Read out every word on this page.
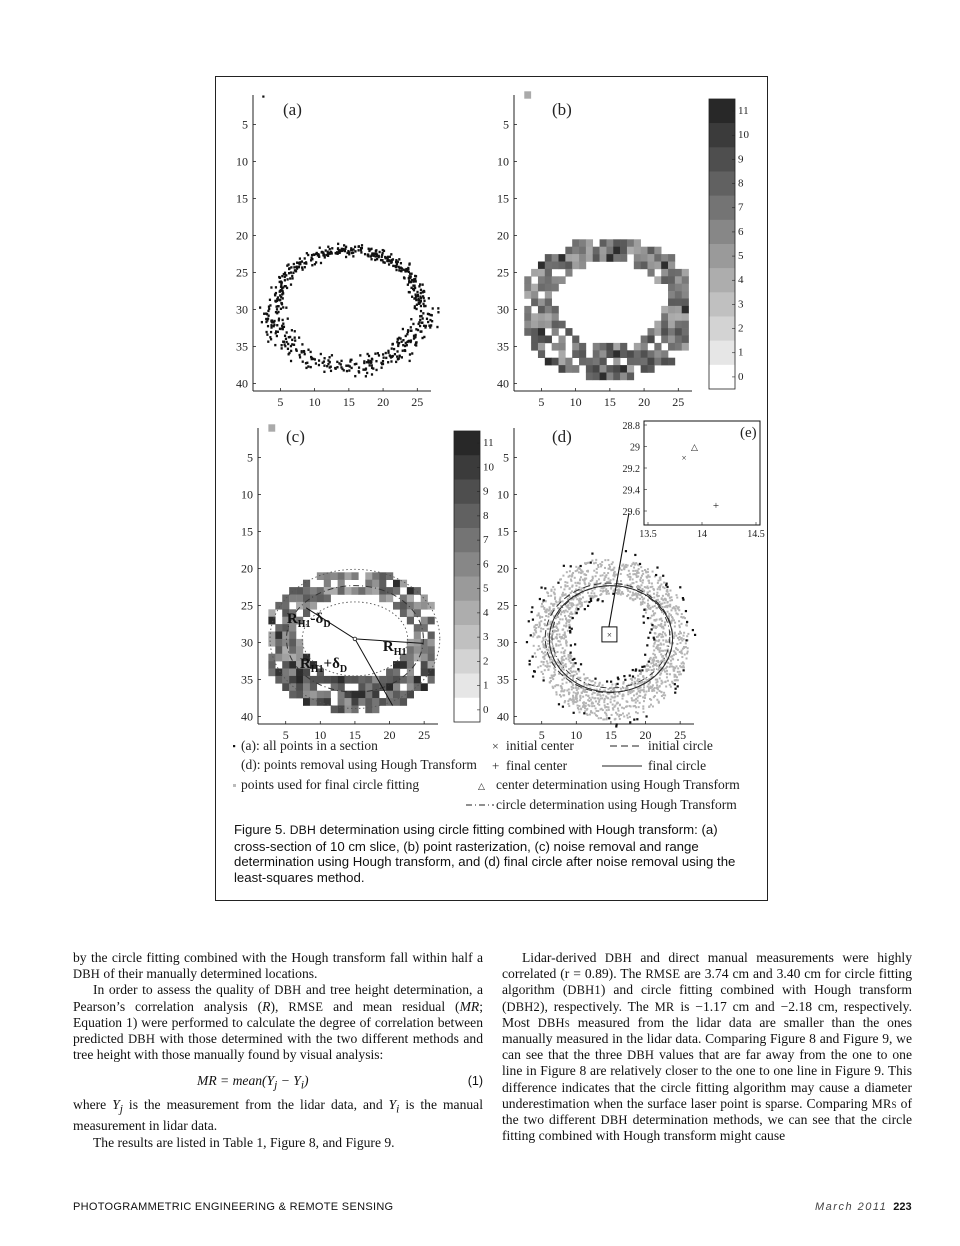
5
10
15
20
25
30
35
40
5 10 15 20 25
(a)
5
10
15
20
25
30
35
40
5 10 15 20 25
(b)
5
10
15
20
25
30
35
40
5 10 15 20 25
(c)
5
10
15
20
25
30
35
40
5 10 15 20 25
(d)
11
10
9
8
7
6
5
4
3
2
1
0
11
10
9
8
7
6
5
4
3
2
1
0
$R_{H1}-\delta_D$
$R_{H1}$
$R_{H1}+\delta_D$
×
28.8
29
29.2
29.4
29.6
13.5	14	14.5
(e)
×
+
△
(a): all points in a section
(d): points removal using Hough Transform
points used for final circle fitting
× initial center	initial circle
+ final center	final circle
△ center determination using Hough Transform
circle determination using Hough Transform
Figure 5. DBH determination using circle fitting combined with Hough transform: (a) cross-section of 10 cm slice, (b) point rasterization, (c) noise removal and range determination using Hough transform, and (d) final circle after noise removal using the least-squares method.

by the circle fitting combined with the Hough transform fall within half a DBH of their manually determined locations.

In order to assess the quality of DBH and tree height determination, a Pearson’s correlation analysis (R), RMSE and mean residual (MR; Equation 1) were performed to calculate the degree of correlation between predicted DBH with those determined with the two different methods and tree height with those manually found by visual analysis:

MR = $mean(Y_j - Y_i)$	(1)

where $Y_j$ is the measurement from the lidar data, and $Y_i$ is the manual measurement in lidar data.

The results are listed in Table 1, Figure 8, and Figure 9.

Lidar-derived DBH and direct manual measurements were highly correlated (r = 0.89). The RMSE are 3.74 cm and 3.40 cm for circle fitting algorithm (DBH1) and circle fitting combined with Hough transform (DBH2), respectively. The MR is −1.17 cm and −2.18 cm, respectively. Most DBHs measured from the lidar data are smaller than the ones manually measured in the lidar data. Comparing Figure 8 and Figure 9, we can see that the three DBH values that are far away from the one to one line in Figure 8 are relatively closer to the one to one line in Figure 9. This difference indicates that the circle fitting algorithm may cause a diameter underestimation when the surface laser point is sparse. Comparing MRs of the two different DBH determination methods, we can see that the circle fitting combined with Hough transform might cause

PHOTOGRAMMETRIC ENGINEERING & REMOTE SENSING	March 2011 223
